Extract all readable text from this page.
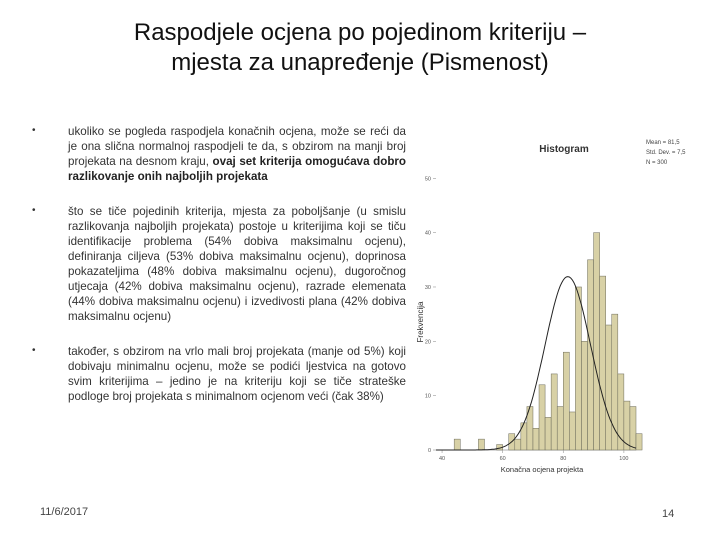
Raspodjele ocjena po pojedinom kriteriju –
mjesta za unapređenje (Pismenost)
•	ukoliko se pogleda raspodjela konačnih ocjena, može se reći da je ona slična normalnoj raspodjeli te da, s obzirom na manji broj projekata na desnom kraju, ovaj set kriterija omogućava dobro razlikovanje onih najboljih projekata
•	što se tiče pojedinih kriterija, mjesta za poboljšanje (u smislu razlikovanja najboljih projekata) postoje u kriterijima koji se tiču identifikacije problema (54% dobiva maksimalnu ocjenu), definiranja ciljeva (53% dobiva maksimalnu ocjenu), doprinosa pokazateljima (48% dobiva maksimalnu ocjenu), dugoročnog utjecaja (42% dobiva maksimalnu ocjenu), razrade elemenata (44% dobiva maksimalnu ocjenu) i izvedivosti plana (42% dobiva maksimalnu ocjenu)
•	također, s obzirom na vrlo mali broj projekata (manje od 5%) koji dobivaju minimalnu ocjenu, može se podići ljestvica na gotovo svim kriterijima – jedino je na kriteriju koji se tiče strateške podloge broj projekata s minimalnom ocjenom veći (čak 38%)
Histogram
Mean = 81,5
Std. Dev. = 7,5
N = 300
Frekvencija
Konačna ocjena projekta
0
10
20
30
40
50
40	60	80	100
11/6/2017	14
